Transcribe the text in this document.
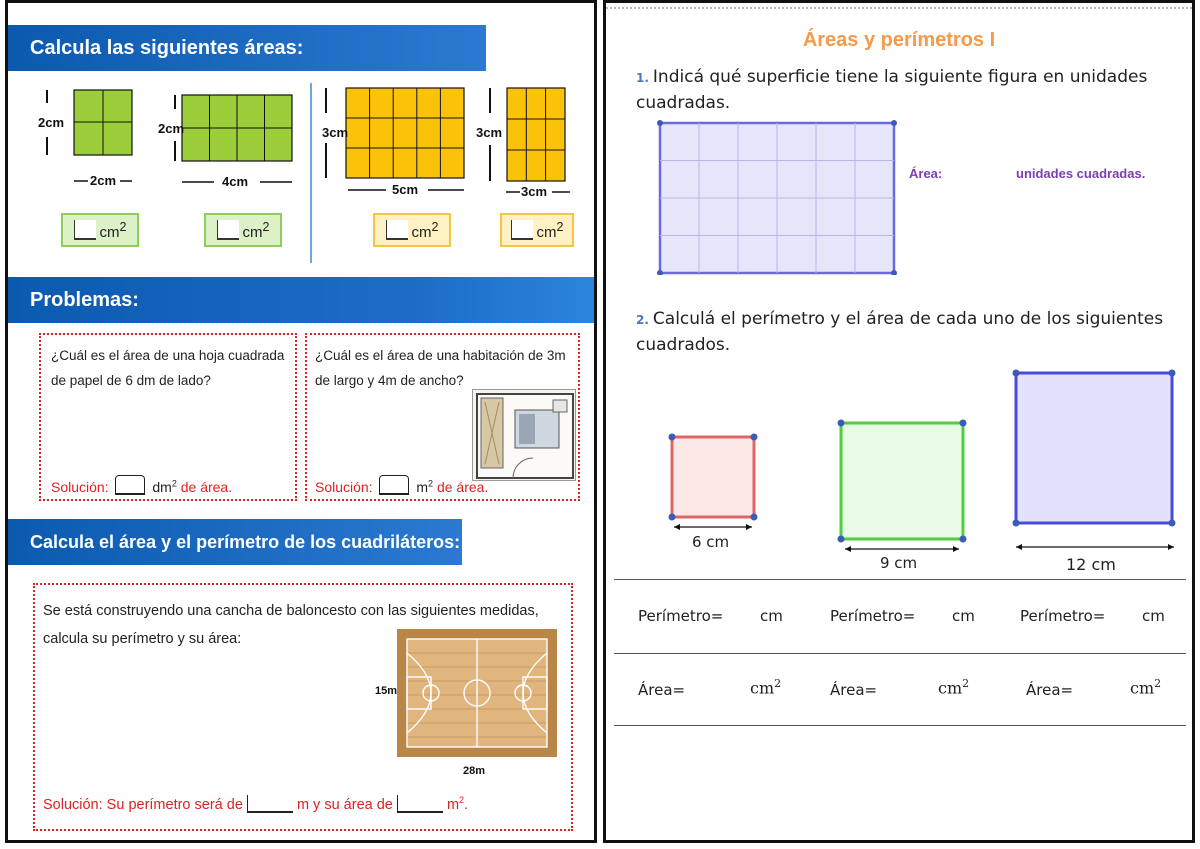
Calcula las siguientes áreas:
2cm
2cm
2cm
4cm
3cm
5cm
3cm
3cm
$cm^2$	$cm^2$	$cm^2$	$cm^2$
Problemas:
¿Cuál es el área de una hoja cuadrada de papel de 6 dm de lado?
Solución:	$dm^2$ de área.
¿Cuál es el área de una habitación de 3m de largo y 4m de ancho?
Solución:	$m^2$ de área.
Calcula el área y el perímetro de los cuadriláteros:
Se está construyendo una cancha de baloncesto con las siguientes medidas, calcula su perímetro y su área:
15m
28m
Solución: Su perímetro será de	m y su área de	$m^2$.
Áreas y perímetros I
1. Indicá qué superficie tiene la siguiente figura en unidades cuadradas.
Área:	unidades cuadradas.
2. Calculá el perímetro y el área de cada uno de los siguientes cuadrados.
6 cm
9 cm	12 cm
Perímetro= cm	Perímetro= cm	Perímetro= cm
Área=	$cm^2$	Área=	$cm^2$	Área=	$cm^2$
